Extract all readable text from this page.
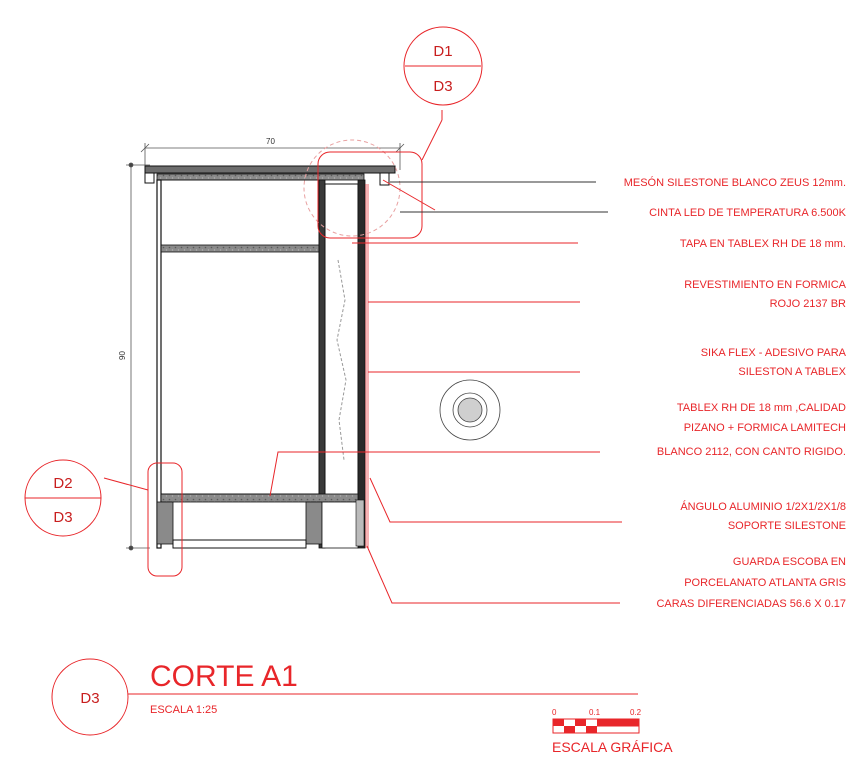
70
90
D1
D3
D2
D3
MESÓN SILESTONE BLANCO ZEUS 12mm.
CINTA LED DE TEMPERATURA 6.500K
TAPA EN TABLEX RH DE 18 mm.
REVESTIMIENTO EN FORMICA
ROJO 2137 BR
SIKA FLEX - ADESIVO PARA
SILESTON A TABLEX
TABLEX RH DE 18 mm ,CALIDAD
PIZANO + FORMICA LAMITECH
BLANCO 2112, CON CANTO RIGIDO.
ÁNGULO ALUMINIO 1/2X1/2X1/8
SOPORTE SILESTONE
GUARDA ESCOBA EN
PORCELANATO ATLANTA GRIS
CARAS DIFERENCIADAS 56.6 X 0.17
D3
CORTE A1
ESCALA 1:25	0	0.1	0.2
ESCALA GRÁFICA
